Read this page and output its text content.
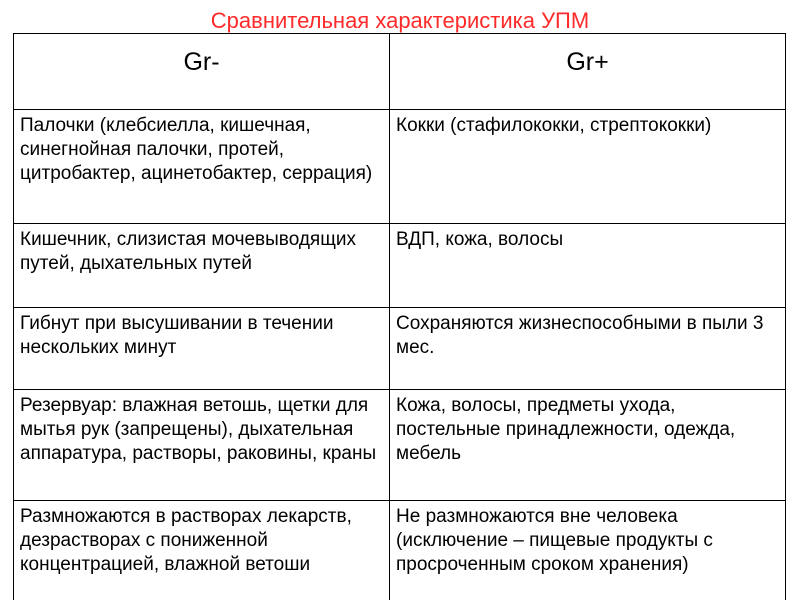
Сравнительная характеристика УПМ
Gr-	Gr+
Палочки (клебсиелла, кишечная, синегнойная палочки, протей, цитробактер, ацинетобактер, серрация)	Кокки (стафилококки, стрептококки)
Кишечник, слизистая мочевыводящих путей, дыхательных путей	ВДП, кожа, волосы
Гибнут при высушивании в течении нескольких минут	Сохраняются жизнеспособными в пыли 3 мес.
Резервуар: влажная ветошь, щетки для мытья рук (запрещены), дыхательная аппаратура, растворы, раковины, краны	Кожа, волосы, предметы ухода, постельные принадлежности, одежда, мебель
Размножаются в растворах лекарств, дезрастворах с пониженной концентрацией, влажной ветоши	Не размножаются вне человека (исключение – пищевые продукты с просроченным сроком хранения)
